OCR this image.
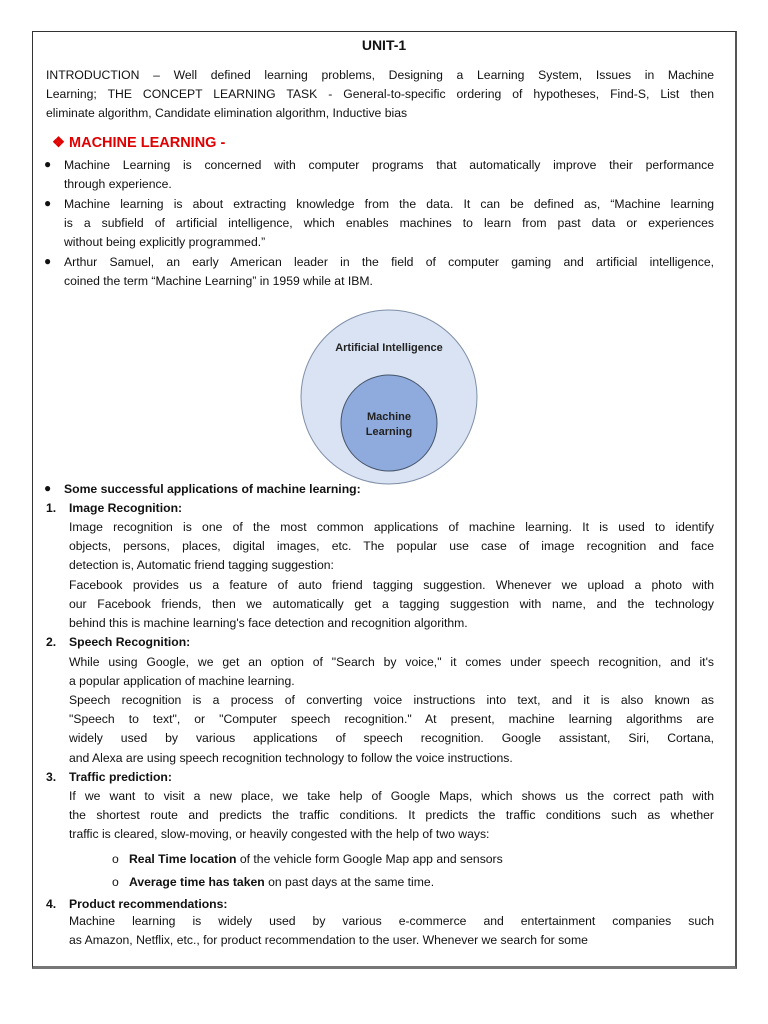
UNIT-1
INTRODUCTION – Well defined learning problems, Designing a Learning System, Issues in Machine
Learning; THE CONCEPT LEARNING TASK - General-to-specific ordering of hypotheses, Find-S, List then
eliminate algorithm, Candidate elimination algorithm, Inductive bias
❖ MACHINE LEARNING -
● Machine Learning is concerned with computer programs that automatically improve their performance
through experience.
● Machine learning is about extracting knowledge from the data. It can be defined as, “Machine learning
is a subfield of artificial intelligence, which enables machines to learn from past data or experiences
without being explicitly programmed.”
● Arthur Samuel, an early American leader in the field of computer gaming and artificial intelligence,
coined the term “Machine Learning” in 1959 while at IBM.
Artificial Intelligence
Machine
Learning
● Some successful applications of machine learning:
1. Image Recognition:
Image recognition is one of the most common applications of machine learning. It is used to identify
objects, persons, places, digital images, etc. The popular use case of image recognition and face
detection is, Automatic friend tagging suggestion:
Facebook provides us a feature of auto friend tagging suggestion. Whenever we upload a photo with
our Facebook friends, then we automatically get a tagging suggestion with name, and the technology
behind this is machine learning's face detection and recognition algorithm.
2. Speech Recognition:
While using Google, we get an option of "Search by voice," it comes under speech recognition, and it's
a popular application of machine learning.
Speech recognition is a process of converting voice instructions into text, and it is also known as
"Speech to text", or "Computer speech recognition." At present, machine learning algorithms are
widely used by various applications of speech recognition. Google assistant, Siri, Cortana,
and Alexa are using speech recognition technology to follow the voice instructions.
3. Traffic prediction:
If we want to visit a new place, we take help of Google Maps, which shows us the correct path with
the shortest route and predicts the traffic conditions. It predicts the traffic conditions such as whether
traffic is cleared, slow-moving, or heavily congested with the help of two ways:
o Real Time location of the vehicle form Google Map app and sensors
o Average time has taken on past days at the same time.
4. Product recommendations:
Machine learning is widely used by various e-commerce and entertainment companies such
as Amazon, Netflix, etc., for product recommendation to the user. Whenever we search for some
